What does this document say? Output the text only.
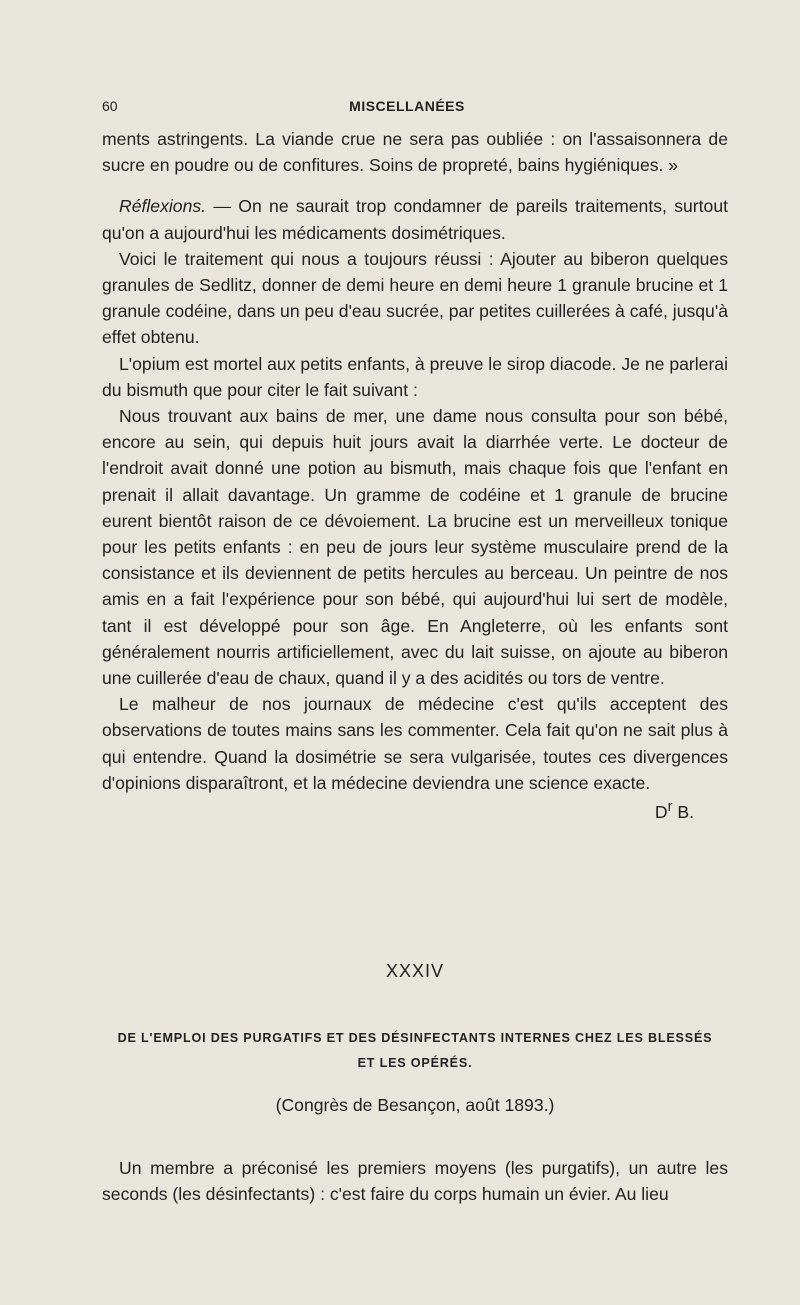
60	MISCELLANÉES

ments astringents. La viande crue ne sera pas oubliée : on l'assaisonnera de sucre en poudre ou de confitures. Soins de propreté, bains hygiéniques. »

Réflexions. — On ne saurait trop condamner de pareils traitements, surtout qu'on a aujourd'hui les médicaments dosimétriques.

Voici le traitement qui nous a toujours réussi : Ajouter au biberon quelques granules de Sedlitz, donner de demi heure en demi heure 1 granule brucine et 1 granule codéine, dans un peu d'eau sucrée, par petites cuillerées à café, jusqu'à effet obtenu.

L'opium est mortel aux petits enfants, à preuve le sirop diacode. Je ne parlerai du bismuth que pour citer le fait suivant :

Nous trouvant aux bains de mer, une dame nous consulta pour son bébé, encore au sein, qui depuis huit jours avait la diarrhée verte. Le docteur de l'endroit avait donné une potion au bismuth, mais chaque fois que l'enfant en prenait il allait davantage. Un gramme de codéine et 1 granule de brucine eurent bientôt raison de ce dévoiement. La brucine est un merveilleux tonique pour les petits enfants : en peu de jours leur système musculaire prend de la consistance et ils deviennent de petits hercules au berceau. Un peintre de nos amis en a fait l'expérience pour son bébé, qui aujourd'hui lui sert de modèle, tant il est développé pour son âge. En Angleterre, où les enfants sont généralement nourris artificiellement, avec du lait suisse, on ajoute au biberon une cuillerée d'eau de chaux, quand il y a des acidités ou tors de ventre.

Le malheur de nos journaux de médecine c'est qu'ils acceptent des observations de toutes mains sans les commenter. Cela fait qu'on ne sait plus à qui entendre. Quand la dosimétrie se sera vulgarisée, toutes ces divergences d'opinions disparaîtront, et la médecine deviendra une science exacte.

$D^r$ B.

XXXIV
DE L'EMPLOI DES PURGATIFS ET DES DÉSINFECTANTS INTERNES CHEZ LES BLESSÉS
ET LES OPÉRÉS.
(Congrès de Besançon, août 1893.)

Un membre a préconisé les premiers moyens (les purgatifs), un autre les seconds (les désinfectants) : c'est faire du corps humain un évier. Au lieu
